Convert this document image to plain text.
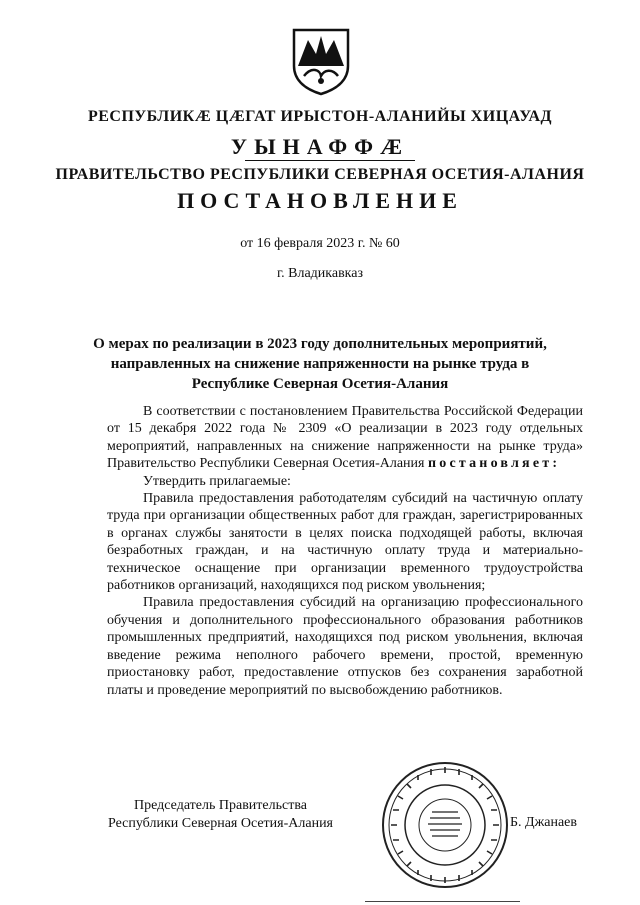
РЕСПУБЛИКӔ ЦӔГАТ ИРЫСТОН-АЛАНИЙЫ ХИЦАУАД
УЫНАФФӔ
ПРАВИТЕЛЬСТВО РЕСПУБЛИКИ СЕВЕРНАЯ ОСЕТИЯ-АЛАНИЯ
ПОСТАНОВЛЕНИЕ
от 16 февраля 2023 г. № 60
г. Владикавказ
О мерах по реализации в 2023 году дополнительных мероприятий, направленных на снижение напряженности на рынке труда в Республике Северная Осетия-Алания

В соответствии с постановлением Правительства Российской Федерации от 15 декабря 2022 года № 2309 «О реализации в 2023 году отдельных мероприятий, направленных на снижение напряженности на рынке труда» Правительство Республики Северная Осетия-Алания постановляет:

Утвердить прилагаемые:

Правила предоставления работодателям субсидий на частичную оплату труда при организации общественных работ для граждан, зарегистрированных в органах службы занятости в целях поиска подходящей работы, включая безработных граждан, и на частичную оплату труда и материально-техническое оснащение при организации временного трудоустройства работников организаций, находящихся под риском увольнения;

Правила предоставления субсидий на организацию профессионального обучения и дополнительного профессионального образования работников промышленных предприятий, находящихся под риском увольнения, включая введение режима неполного рабочего времени, простой, временную приостановку работ, предоставление отпусков без сохранения заработной платы и проведение мероприятий по высвобождению работников.

Председатель Правительства
Республики Северная Осетия-Алания	Б. Джанаев
